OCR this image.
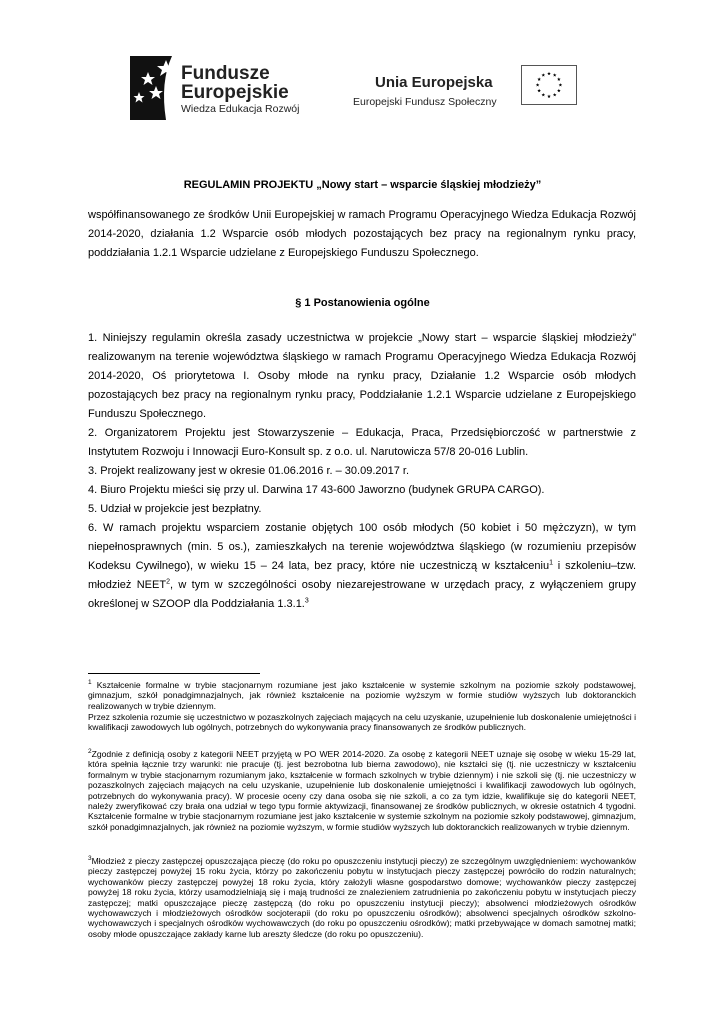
Fundusze
Europejskie
Wiedza Edukacja Rozwój
Unia Europejska
Europejski Fundusz Społeczny
REGULAMIN PROJEKTU „Nowy start – wsparcie śląskiej młodzieży”
współfinansowanego ze środków Unii Europejskiej w ramach Programu Operacyjnego Wiedza Edukacja Rozwój 2014-2020, działania 1.2 Wsparcie osób młodych pozostających bez pracy na regionalnym rynku pracy, poddziałania 1.2.1 Wsparcie udzielane z Europejskiego Funduszu Społecznego.
§ 1 Postanowienia ogólne
1. Niniejszy regulamin określa zasady uczestnictwa w projekcie „Nowy start – wsparcie śląskiej młodzieży” realizowanym na terenie województwa śląskiego w ramach Programu Operacyjnego Wiedza Edukacja Rozwój 2014-2020, Oś priorytetowa I. Osoby młode na rynku pracy, Działanie 1.2 Wsparcie osób młodych pozostających bez pracy na regionalnym rynku pracy, Poddziałanie 1.2.1 Wsparcie udzielane z Europejskiego Funduszu Społecznego.
2. Organizatorem Projektu jest Stowarzyszenie – Edukacja, Praca, Przedsiębiorczość w partnerstwie z Instytutem Rozwoju i Innowacji Euro-Konsult sp. z o.o. ul. Narutowicza 57/8 20-016 Lublin.
3. Projekt realizowany jest w okresie 01.06.2016 r. – 30.09.2017 r.
4. Biuro Projektu mieści się przy ul. Darwina 17 43-600 Jaworzno (budynek GRUPA CARGO).
5. Udział w projekcie jest bezpłatny.
6. W ramach projektu wsparciem zostanie objętych 100 osób młodych (50 kobiet i 50 mężczyzn), w tym niepełnosprawnych (min. 5 os.), zamieszkałych na terenie województwa śląskiego (w rozumieniu przepisów Kodeksu Cywilnego), w wieku 15 – 24 lata, bez pracy, które nie uczestniczą w kształceniu$^1$ i szkoleniu–tzw. młodzież NEET$^2$, w tym w szczególności osoby niezarejestrowane w urzędach pracy, z wyłączeniem grupy określonej w SZOOP dla Poddziałania 1.3.1.$^3$
$^1$ Kształcenie formalne w trybie stacjonarnym rozumiane jest jako kształcenie w systemie szkolnym na poziomie szkoły podstawowej, gimnazjum, szkół ponadgimnazjalnych, jak również kształcenie na poziomie wyższym w formie studiów wyższych lub doktoranckich realizowanych w trybie dziennym.
Przez szkolenia rozumie się uczestnictwo w pozaszkolnych zajęciach mających na celu uzyskanie, uzupełnienie lub doskonalenie umiejętności i kwalifikacji zawodowych lub ogólnych, potrzebnych do wykonywania pracy finansowanych ze środków publicznych.
$^2$Zgodnie z definicją osoby z kategorii NEET przyjętą w PO WER 2014-2020. Za osobę z kategorii NEET uznaje się osobę w wieku 15-29 lat, która spełnia łącznie trzy warunki: nie pracuje (tj. jest bezrobotna lub bierna zawodowo), nie kształci się (tj. nie uczestniczy w kształceniu formalnym w trybie stacjonarnym rozumianym jako, kształcenie w formach szkolnych w trybie dziennym) i nie szkoli się (tj. nie uczestniczy w pozaszkolnych zajęciach mających na celu uzyskanie, uzupełnienie lub doskonalenie umiejętności i kwalifikacji zawodowych lub ogólnych, potrzebnych do wykonywania pracy). W procesie oceny czy dana osoba się nie szkoli, a co za tym idzie, kwalifikuje się do kategorii NEET, należy zweryfikować czy brała ona udział w tego typu formie aktywizacji, finansowanej ze środków publicznych, w okresie ostatnich 4 tygodni. Kształcenie formalne w trybie stacjonarnym rozumiane jest jako kształcenie w systemie szkolnym na poziomie szkoły podstawowej, gimnazjum, szkół ponadgimnazjalnych, jak również na poziomie wyższym, w formie studiów wyższych lub doktoranckich realizowanych w trybie dziennym.
$^3$Młodzież z pieczy zastępczej opuszczająca pieczę (do roku po opuszczeniu instytucji pieczy) ze szczególnym uwzględnieniem: wychowanków pieczy zastępczej powyżej 15 roku życia, którzy po zakończeniu pobytu w instytucjach pieczy zastępczej powróciło do rodzin naturalnych; wychowanków pieczy zastępczej powyżej 18 roku życia, który założyli własne gospodarstwo domowe; wychowanków pieczy zastępczej powyżej 18 roku życia, którzy usamodzielniają się i mają trudności ze znalezieniem zatrudnienia po zakończeniu pobytu w instytucjach pieczy zastępczej; matki opuszczające pieczę zastępczą (do roku po opuszczeniu instytucji pieczy); absolwenci młodzieżowych ośrodków wychowawczych i młodzieżowych ośrodków socjoterapii (do roku po opuszczeniu ośrodków); absolwenci specjalnych ośrodków szkolno- wychowawczych i specjalnych ośrodków wychowawczych (do roku po opuszczeniu ośrodków); matki przebywające w domach samotnej matki; osoby młode opuszczające zakłady karne lub areszty śledcze (do roku po opuszczeniu).
